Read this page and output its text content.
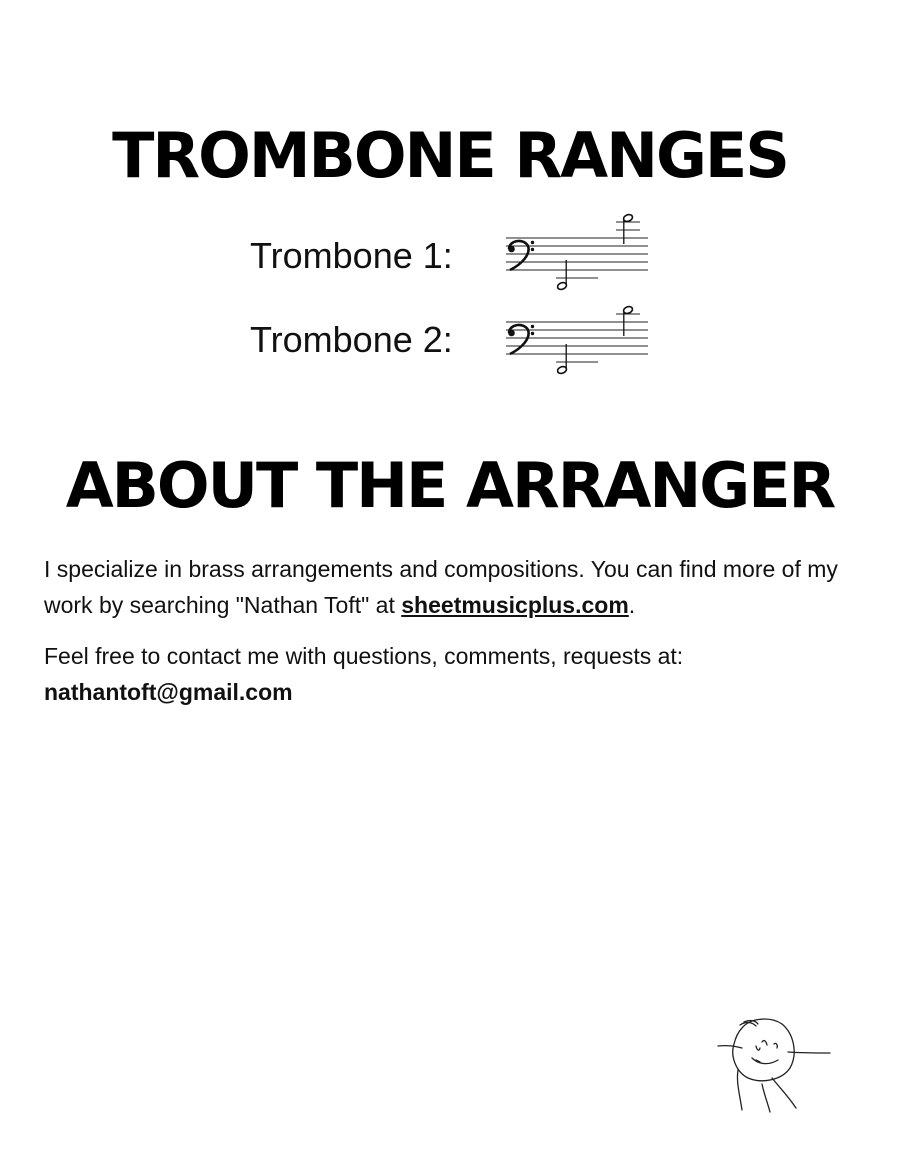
TROMBONE RANGES
Trombone 1:
Trombone 2:
ABOUT THE ARRANGER

I specialize in brass arrangements and compositions. You can find more of my work by searching "Nathan Toft" at sheetmusicplus.com.

Feel free to contact me with questions, comments, requests at:
nathantoft@gmail.com
